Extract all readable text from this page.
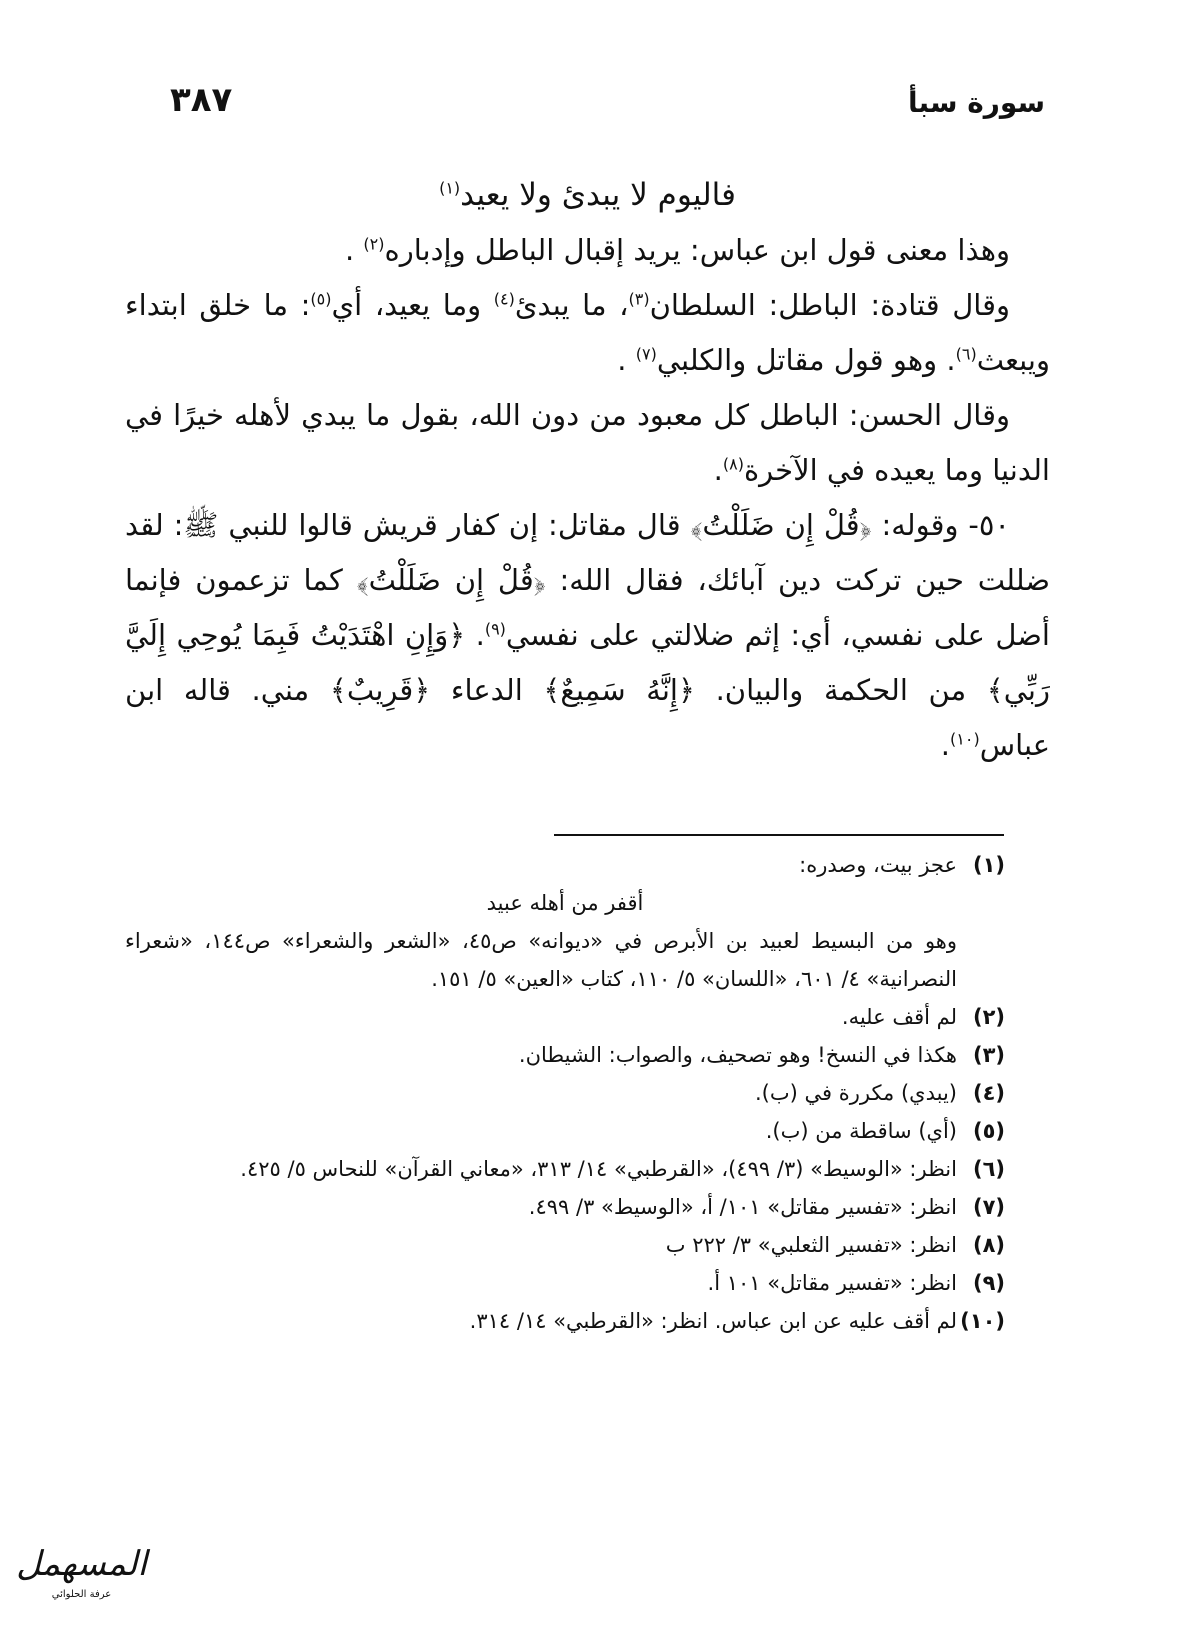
٣٨٧	سورة سبأ

فاليوم لا يبدئ ولا يعيد$^{(١)}$

وهذا معنى قول ابن عباس: يريد إقبال الباطل وإدباره$^{(٢)}$ .

وقال قتادة: الباطل: السلطان$^{(٣)}$، ما يبدئ$^{(٤)}$ وما يعيد، أي$^{(٥)}$: ما خلق ابتداء ويبعث$^{(٦)}$. وهو قول مقاتل والكلبي$^{(٧)}$ .

وقال الحسن: الباطل كل معبود من دون الله، بقول ما يبدي لأهله خيرًا في الدنيا وما يعيده في الآخرة$^{(٨)}$.

٥٠- وقوله: ﴿قُلْ إِن ضَلَلْتُ﴾ قال مقاتل: إن كفار قريش قالوا للنبي ﷺ: لقد ضللت حين تركت دين آبائك، فقال الله: ﴿قُلْ إِن ضَلَلْتُ﴾ كما تزعمون فإنما أضل على نفسي، أي: إثم ضلالتي على نفسي$^{(٩)}$. ﴿وَإِنِ اهْتَدَيْتُ فَبِمَا يُوحِي إِلَيَّ رَبِّي﴾ من الحكمة والبيان. ﴿إِنَّهُ سَمِيعٌ﴾ الدعاء ﴿قَرِيبٌ﴾ مني. قاله ابن عباس$^{(١٠)}$.

(١)عجز بيت، وصدره:

أقفر من أهله عبيد

وهو من البسيط لعبيد بن الأبرص في «ديوانه» ص٤٥، «الشعر والشعراء» ص١٤٤، «شعراء النصرانية» ٤/ ٦٠١، «اللسان» ٥/ ١١٠، كتاب «العين» ٥/ ١٥١.

(٢)لم أقف عليه.

(٣)هكذا في النسخ! وهو تصحيف، والصواب: الشيطان.

(٤)(يبدي) مكررة في (ب).

(٥)(أي) ساقطة من (ب).

(٦)انظر: «الوسيط» (٣/ ٤٩٩)، «القرطبي» ١٤/ ٣١٣، «معاني القرآن» للنحاس ٥/ ٤٢٥.

(٧)انظر: «تفسير مقاتل» ١٠١/ أ، «الوسيط» ٣/ ٤٩٩.

(٨)انظر: «تفسير الثعلبي» ٣/ ٢٢٢ ب

(٩)انظر: «تفسير مقاتل» ١٠١ أ.

(١٠)لم أقف عليه عن ابن عباس. انظر: «القرطبي» ١٤/ ٣١٤.

المسهمل
عرفة الحلوائي
